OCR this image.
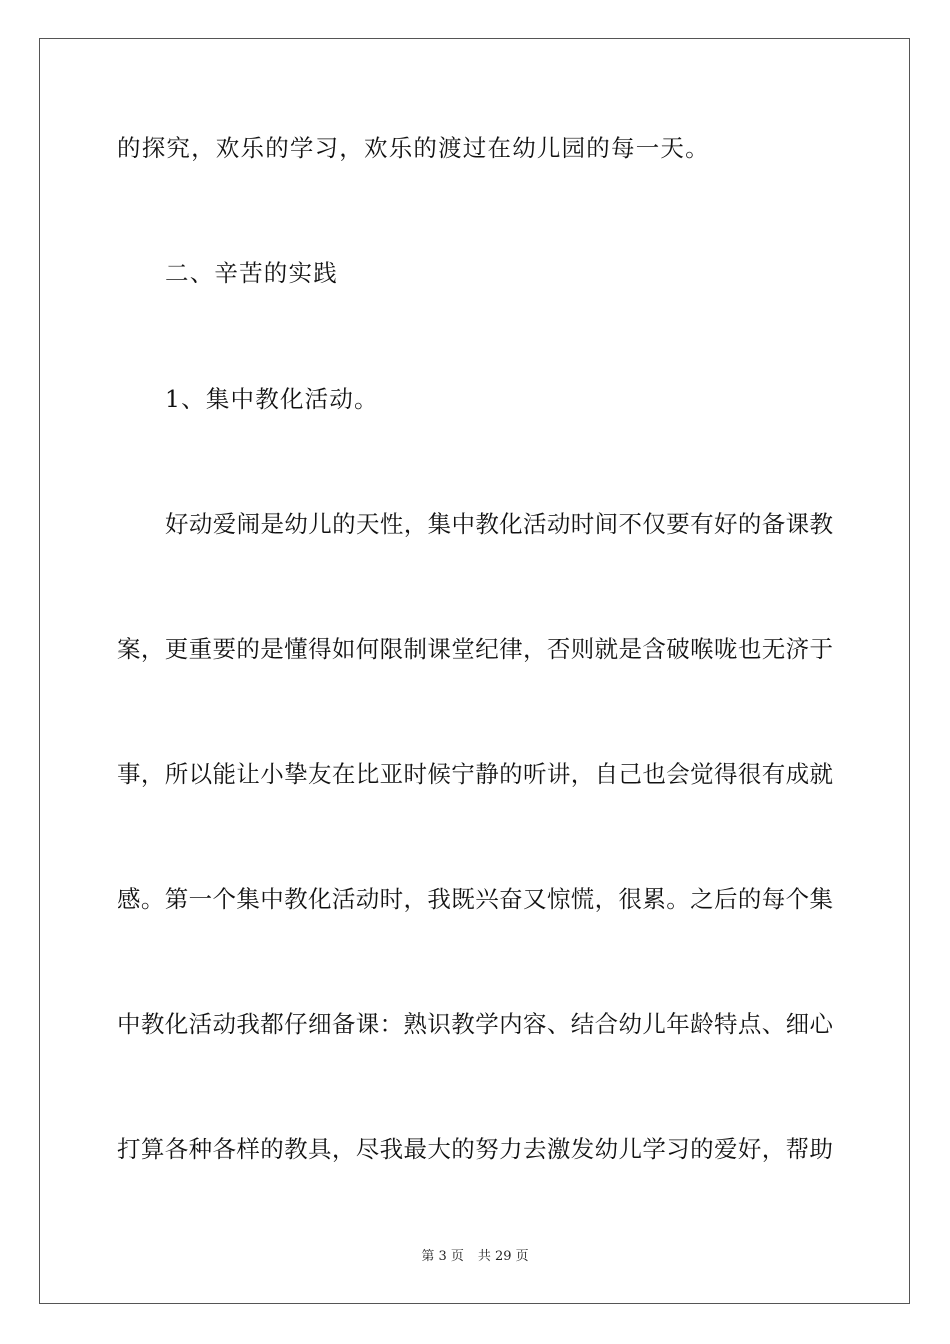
的探究，欢乐的学习，欢乐的渡过在幼儿园的每一天。
二、辛苦的实践
1、集中教化活动。
好动爱闹是幼儿的天性，集中教化活动时间不仅要有好的备课教
案，更重要的是懂得如何限制课堂纪律，否则就是含破喉咙也无济于
事，所以能让小挚友在比亚时候宁静的听讲，自己也会觉得很有成就
感。第一个集中教化活动时，我既兴奋又惊慌，很累。之后的每个集
中教化活动我都仔细备课：熟识教学内容、结合幼儿年龄特点、细心
打算各种各样的教具，尽我最大的努力去激发幼儿学习的爱好，帮助
第 3 页 共 29 页
